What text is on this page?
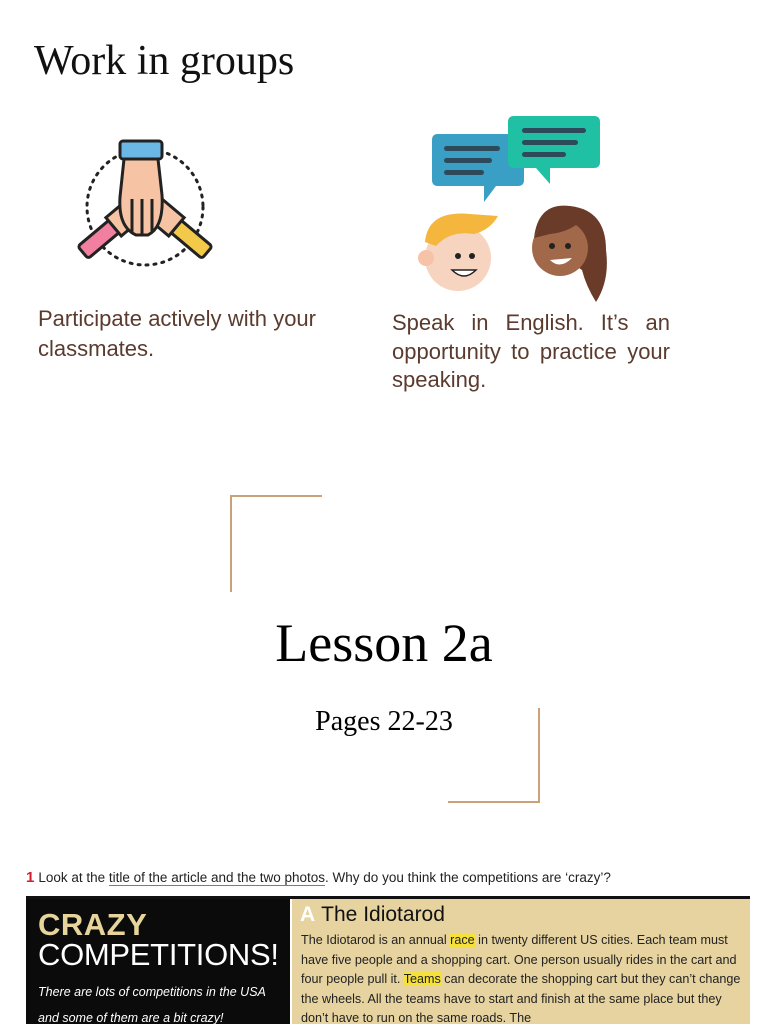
Work in groups
Participate actively with your classmates.
Speak in English. It’s an opportunity to practice your speaking.
Lesson 2a
Pages 22-23
1 Look at the title of the article and the two photos. Why do you think the competitions are ‘crazy’?
CRAZY
COMPETITIONS!
There are lots of competitions in the USA and some of them are a bit crazy!
A The Idiotarod
The Idiotarod is an annual race in twenty different US cities. Each team must have five people and a shopping cart. One person usually rides in the cart and four people pull it. Teams can decorate the shopping cart but they can’t change the wheels. All the teams have to start and finish at the same place but they don’t have to run on the same roads. The
